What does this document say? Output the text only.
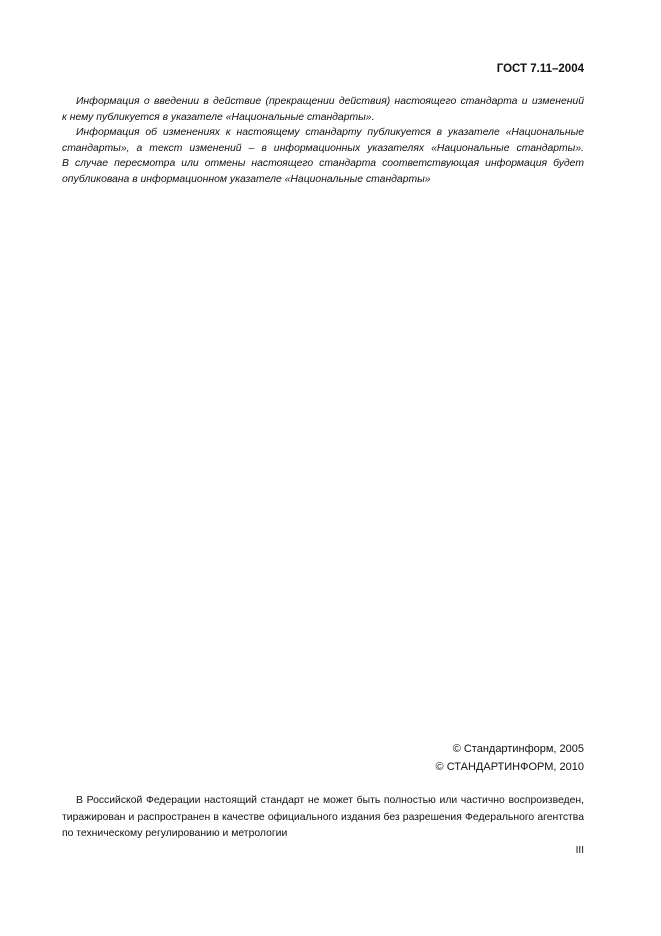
ГОСТ 7.11–2004
Информация о введении в действие (прекращении действия) настоящего стандарта и изменений
к нему публикуется в указателе «Национальные стандарты».
Информация об изменениях к настоящему стандарту публикуется в указателе «Национальные
стандарты», а текст изменений – в информационных указателях «Национальные стандарты».
В случае пересмотра или отмены настоящего стандарта соответствующая информация будет
опубликована в информационном указателе «Национальные стандарты»
© Стандартинформ, 2005
© СТАНДАРТИНФОРМ, 2010
В Российской Федерации настоящий стандарт не может быть полностью или частично воспроизведен,
тиражирован и распространен в качестве официального издания без разрешения Федерального агентства
по техническому регулированию и метрологии
III
